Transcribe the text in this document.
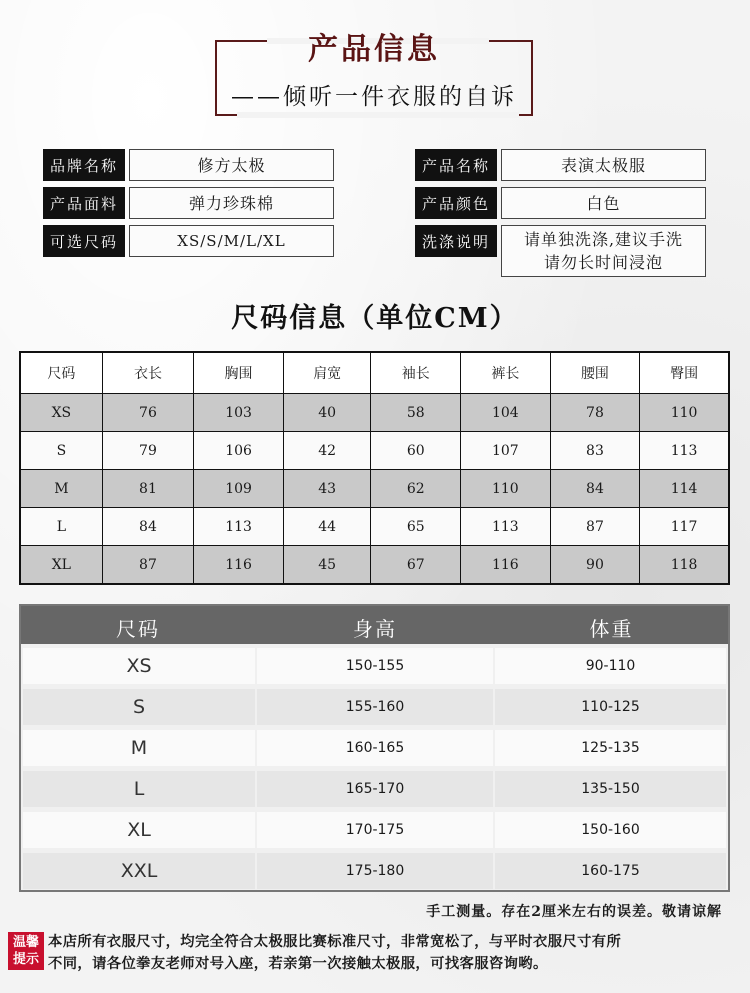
产品信息
——倾听一件衣服的自诉
品牌名称	修方太极	产品名称	表演太极服
产品面料	弹力珍珠棉	产品颜色	白色
可选尺码	XS/S/M/L/XL	洗涤说明	请单独洗涤,建议手洗
请勿长时间浸泡
尺码信息（单位CM）
尺码	衣长	胸围	肩宽	袖长	裤长	腰围	臀围
XS	76	103	40	58	104	78	110
S	79	106	42	60	107	83	113
M	81	109	43	62	110	84	114
L	84	113	44	65	113	87	117
XL	87	116	45	67	116	90	118
尺码	身高	体重
XS	150-155	90-110
S	155-160	110-125
M	160-165	125-135
L	165-170	135-150
XL	170-175	150-160
XXL	175-180	160-175
手工测量。存在2厘米左右的误差。敬请谅解
温馨
提示
本店所有衣服尺寸，均完全符合太极服比赛标准尺寸，非常宽松了，与平时衣服尺寸有所
不同，请各位拳友老师对号入座，若亲第一次接触太极服，可找客服咨询哟。
